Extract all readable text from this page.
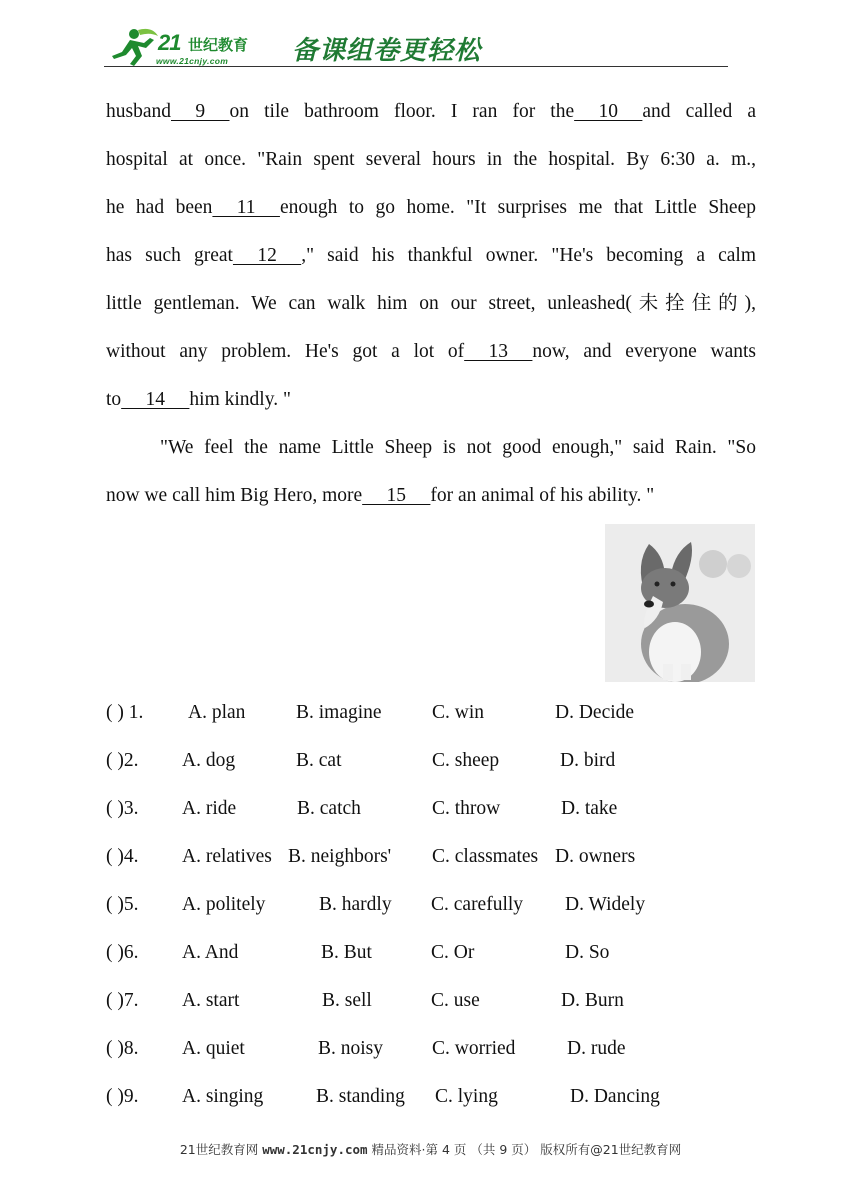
21 世纪教育
www.21cnjy.com 备课组卷更轻松
husband     9     on tile bathroom floor. I ran for the     10     and called a
hospital at once. "Rain spent several hours in the hospital. By 6:30 a. m.,
he had been     11     enough to go home. "It surprises me that Little Sheep
has such great     12     ," said his thankful owner. "He's becoming a calm
little gentleman. We can walk him on our street, unleashed(未拴住的),
without any problem. He's got a lot of     13     now, and everyone wants
to     14     him kindly. "
"We feel the name Little Sheep is not good enough," said Rain. "So
now we call him Big Hero, more     15     for an animal of his ability. "
( ) 1. A. plan	B. imagine	C. win	D. Decide
( )2. A. dog	B. cat	C. sheep	D. bird
( )3. A. ride	B. catch	C. throw	D. take
( )4. A. relatives B. neighbors' C. classmates D. owners
( )5. A. politely	B. hardly C. carefully D. Widely
( )6. A. And	B. But	C. Or	D. So
( )7. A. start	B. sell	C. use	D. Burn
( )8. A. quiet	B. noisy	C. worried	D. rude
( )9. A. singing	B. standing C. lying	D. Dancing
21世纪教育网 www.21cnjy.com 精品资料·第 4 页 （共 9 页） 版权所有@21世纪教育网
